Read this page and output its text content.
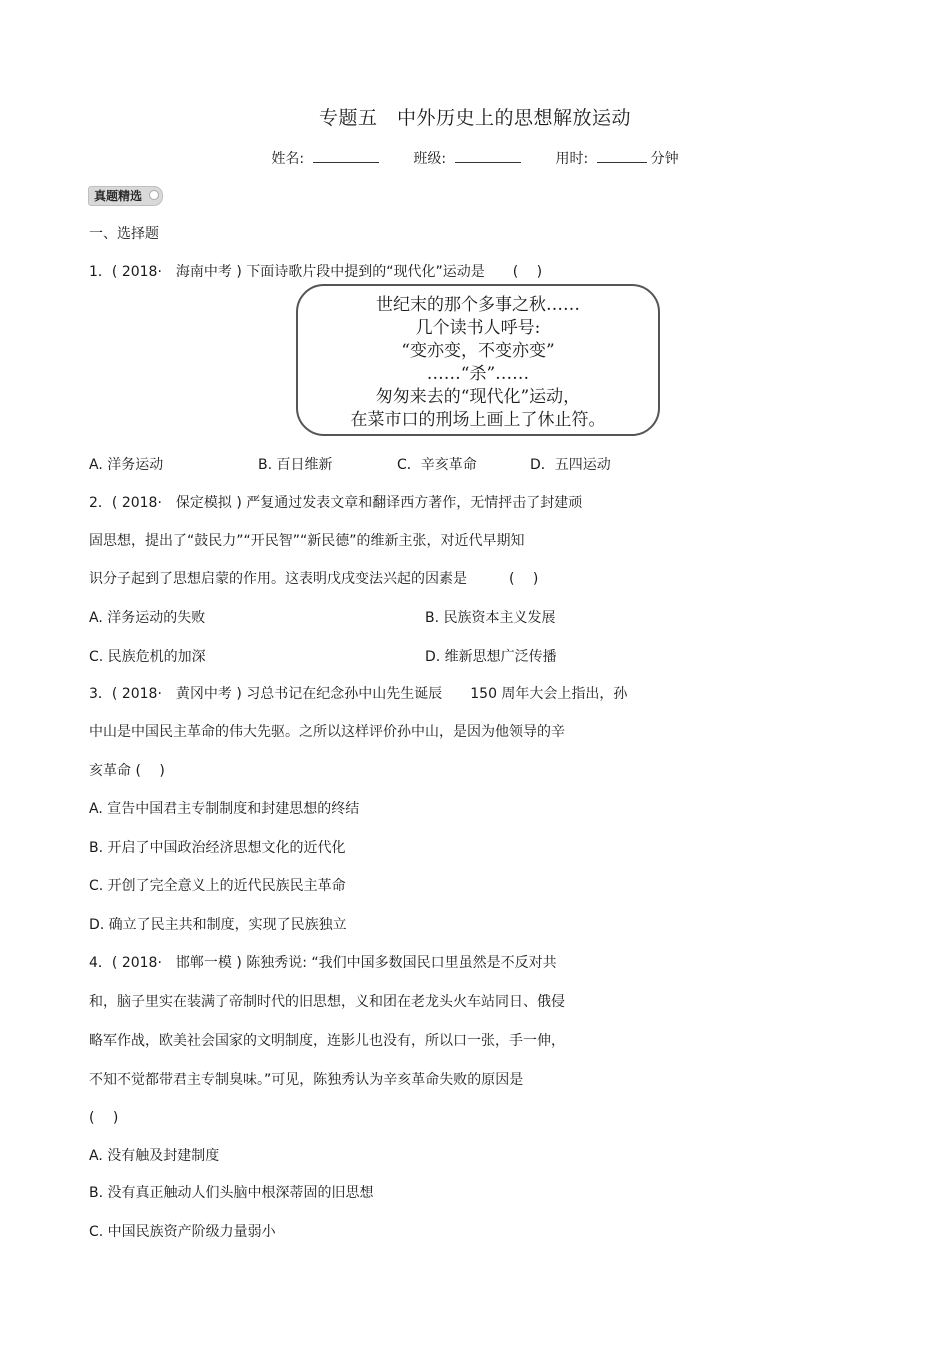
专题五　中外历史上的思想解放运动
姓名:	班级:	用时:	分钟
真题精选
一、选择题
1．( 2018·　海南中考 ) 下面诗歌片段中提到的“现代化”运动是　　(　 )
世纪末的那个多事之秋……
几个读书人呼号:
“变亦变，不变亦变”
……“杀”……
匆匆来去的“现代化”运动，
在菜市口的刑场上画上了休止符。
A. 洋务运动	B. 百日维新	C．辛亥革命	D．五四运动
2．( 2018·　保定模拟 ) 严复通过发表文章和翻译西方著作，无情抨击了封建顽
固思想，提出了“鼓民力”“开民智”“新民德”的维新主张，对近代早期知
识分子起到了思想启蒙的作用。这表明戊戌变法兴起的因素是　　　(　 )
A. 洋务运动的失败	B. 民族资本主义发展
C. 民族危机的加深	D. 维新思想广泛传播
3．( 2018·　黄冈中考 ) 习总书记在纪念孙中山先生诞辰　　150 周年大会上指出，孙
中山是中国民主革命的伟大先驱。之所以这样评价孙中山，是因为他领导的辛
亥革命 (　 )
A. 宣告中国君主专制制度和封建思想的终结
B. 开启了中国政治经济思想文化的近代化
C. 开创了完全意义上的近代民族民主革命
D. 确立了民主共和制度，实现了民族独立
4．( 2018·　邯郸一模 ) 陈独秀说: “我们中国多数国民口里虽然是不反对共
和，脑子里实在装满了帝制时代的旧思想，义和团在老龙头火车站同日、俄侵
略军作战，欧美社会国家的文明制度，连影儿也没有，所以口一张，手一伸，
不知不觉都带君主专制臭味。”可见，陈独秀认为辛亥革命失败的原因是
(　 )
A. 没有触及封建制度
B. 没有真正触动人们头脑中根深蒂固的旧思想
C. 中国民族资产阶级力量弱小
